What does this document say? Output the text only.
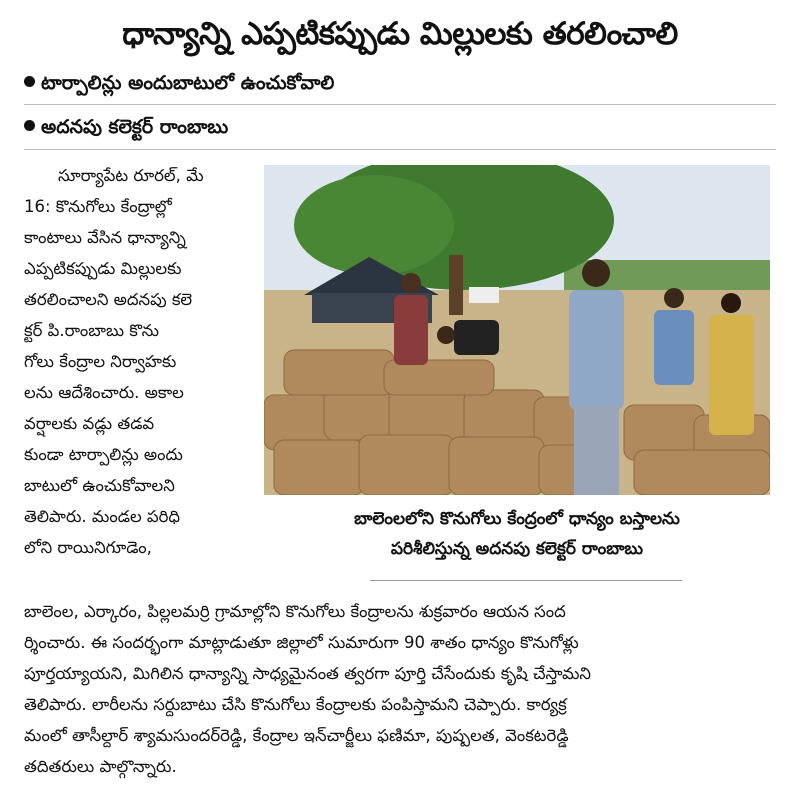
ధాన్యాన్ని ఎప్పటికప్పుడు మిల్లులకు తరలించాలి
టార్పాలిన్లు అందుబాటులో ఉంచుకోవాలి
అదనపు కలెక్టర్ రాంబాబు
సూర్యాపేట రూరల్, మే
16: కొనుగోలు కేంద్రాల్లో
కాంటాలు వేసిన ధాన్యాన్ని
ఎప్పటికప్పుడు మిల్లులకు
తరలించాలని అదనపు కలె
క్టర్ పి.రాంబాబు కొను
గోలు కేంద్రాల నిర్వాహకు
లను ఆదేశించారు. అకాల
వర్షాలకు వడ్లు తడవ
కుండా టార్పాలిన్లు అందు
బాటులో ఉంచుకోవాలని
తెలిపారు. మండల పరిధి
లోని రాయినిగూడెం,
బాలెంలలోని కొనుగోలు కేంద్రంలో ధాన్యం బస్తాలను
పరిశీలిస్తున్న అదనపు కలెక్టర్ రాంబాబు
బాలెంల, ఎర్కారం, పిల్లలమర్రి గ్రామాల్లోని కొనుగోలు కేంద్రాలను శుక్రవారం ఆయన సంద
ర్శించారు. ఈ సందర్భంగా మాట్లాడుతూ జిల్లాలో సుమారుగా 90 శాతం ధాన్యం కొనుగోళ్లు
పూర్తయ్యాయని, మిగిలిన ధాన్యాన్ని సాధ్యమైనంత త్వరగా పూర్తి చేసేందుకు కృషి చేస్తామని
తెలిపారు. లారీలను సర్దుబాటు చేసి కొనుగోలు కేంద్రాలకు పంపిస్తామని చెప్పారు. కార్యక్ర
మంలో తాసీల్దార్ శ్యామసుందర్‌రెడ్డి, కేంద్రాల ఇన్‌చార్జీలు ఫణిమా, పుష్పలత, వెంకటరెడ్డి
తదితరులు పాల్గొన్నారు.
